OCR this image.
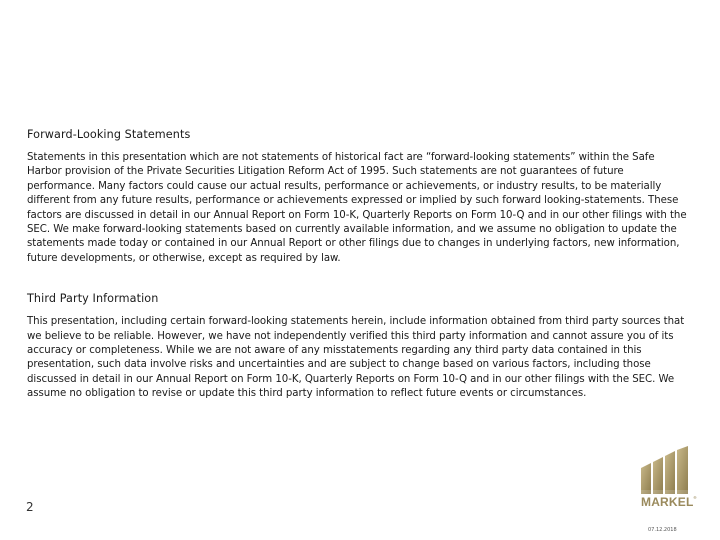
Forward-Looking Statements

Statements in this presentation which are not statements of historical fact are “forward-looking statements” within the Safe Harbor provision of the Private Securities Litigation Reform Act of 1995. Such statements are not guarantees of future performance. Many factors could cause our actual results, performance or achievements, or industry results, to be materially different from any future results, performance or achievements expressed or implied by such forward looking-statements. These factors are discussed in detail in our Annual Report on Form 10-K, Quarterly Reports on Form 10-Q and in our other filings with the SEC. We make forward-looking statements based on currently available information, and we assume no obligation to update the statements made today or contained in our Annual Report or other filings due to changes in underlying factors, new information, future developments, or otherwise, except as required by law.

Third Party Information

This presentation, including certain forward-looking statements herein, include information obtained from third party sources that we believe to be reliable. However, we have not independently verified this third party information and cannot assure you of its accuracy or completeness. While we are not aware of any misstatements regarding any third party data contained in this presentation, such data involve risks and uncertainties and are subject to change based on various factors, including those discussed in detail in our Annual Report on Form 10-K, Quarterly Reports on Form 10-Q and in our other filings with the SEC. We assume no obligation to revise or update this third party information to reflect future events or circumstances.

2	MARKEL®
07.12.2018
